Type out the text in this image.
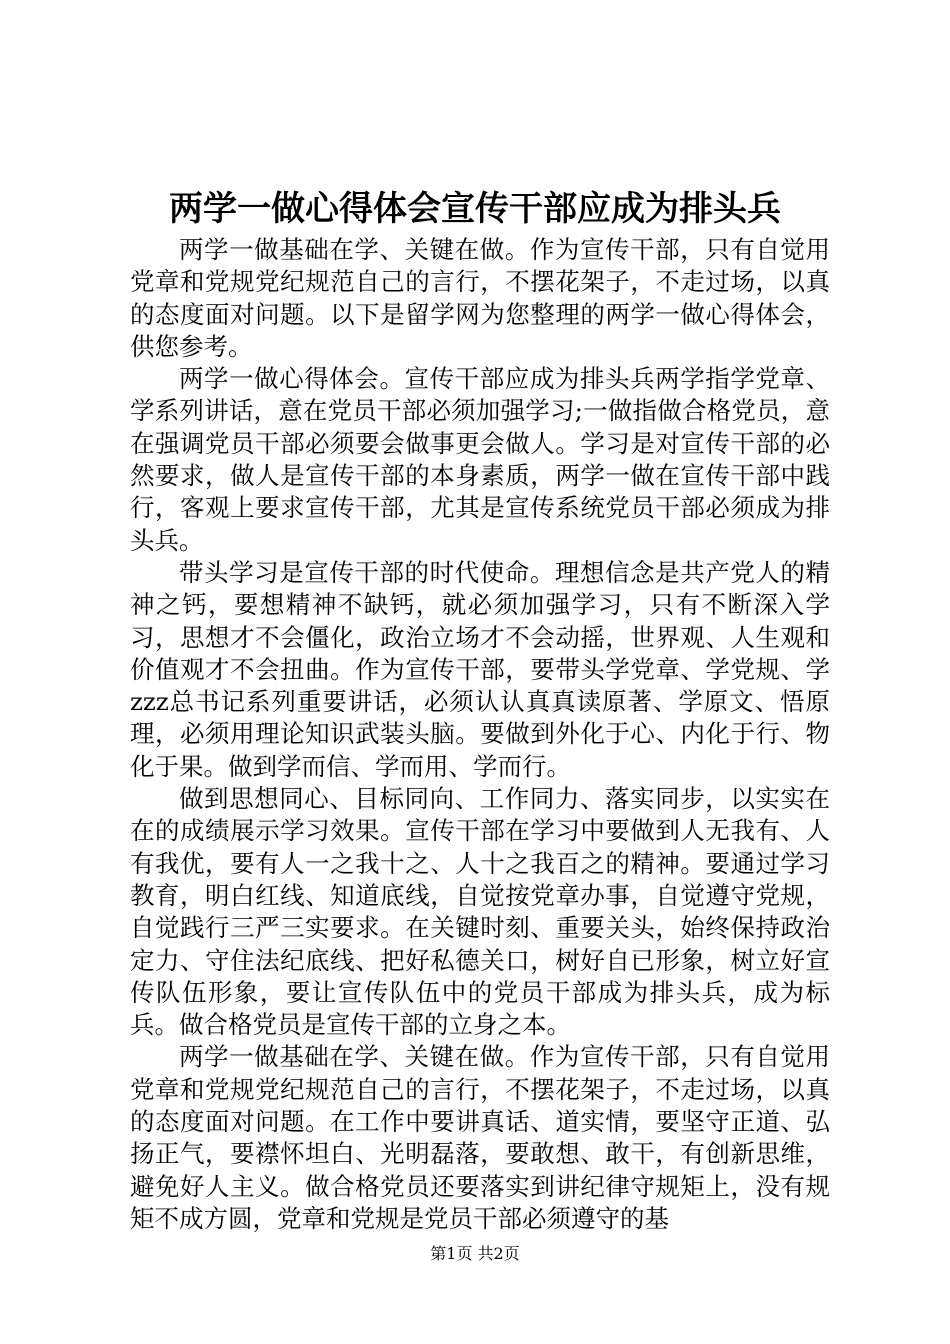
两学一做心得体会宣传干部应成为排头兵

两学一做基础在学、关键在做。作为宣传干部，只有自觉用党章和党规党纪规范自己的言行，不摆花架子，不走过场，以真的态度面对问题。以下是留学网为您整理的两学一做心得体会，供您参考。

两学一做心得体会。宣传干部应成为排头兵两学指学党章、学系列讲话，意在党员干部必须加强学习;一做指做合格党员，意在强调党员干部必须要会做事更会做人。学习是对宣传干部的必然要求，做人是宣传干部的本身素质，两学一做在宣传干部中践行，客观上要求宣传干部，尤其是宣传系统党员干部必须成为排头兵。

带头学习是宣传干部的时代使命。理想信念是共产党人的精神之钙，要想精神不缺钙，就必须加强学习，只有不断深入学习，思想才不会僵化，政治立场才不会动摇，世界观、人生观和价值观才不会扭曲。作为宣传干部，要带头学党章、学党规、学zzz总书记系列重要讲话，必须认认真真读原著、学原文、悟原理，必须用理论知识武装头脑。要做到外化于心、内化于行、物化于果。做到学而信、学而用、学而行。

做到思想同心、目标同向、工作同力、落实同步，以实实在在的成绩展示学习效果。宣传干部在学习中要做到人无我有、人有我优，要有人一之我十之、人十之我百之的精神。要通过学习教育，明白红线、知道底线，自觉按党章办事，自觉遵守党规，自觉践行三严三实要求。在关键时刻、重要关头，始终保持政治定力、守住法纪底线、把好私德关口，树好自已形象，树立好宣传队伍形象，要让宣传队伍中的党员干部成为排头兵，成为标兵。做合格党员是宣传干部的立身之本。

两学一做基础在学、关键在做。作为宣传干部，只有自觉用党章和党规党纪规范自己的言行，不摆花架子，不走过场，以真的态度面对问题。在工作中要讲真话、道实情，要坚守正道、弘扬正气，要襟怀坦白、光明磊落，要敢想、敢干，有创新思维，避免好人主义。做合格党员还要落实到讲纪律守规矩上，没有规矩不成方圆，党章和党规是党员干部必须遵守的基

第1页 共2页
